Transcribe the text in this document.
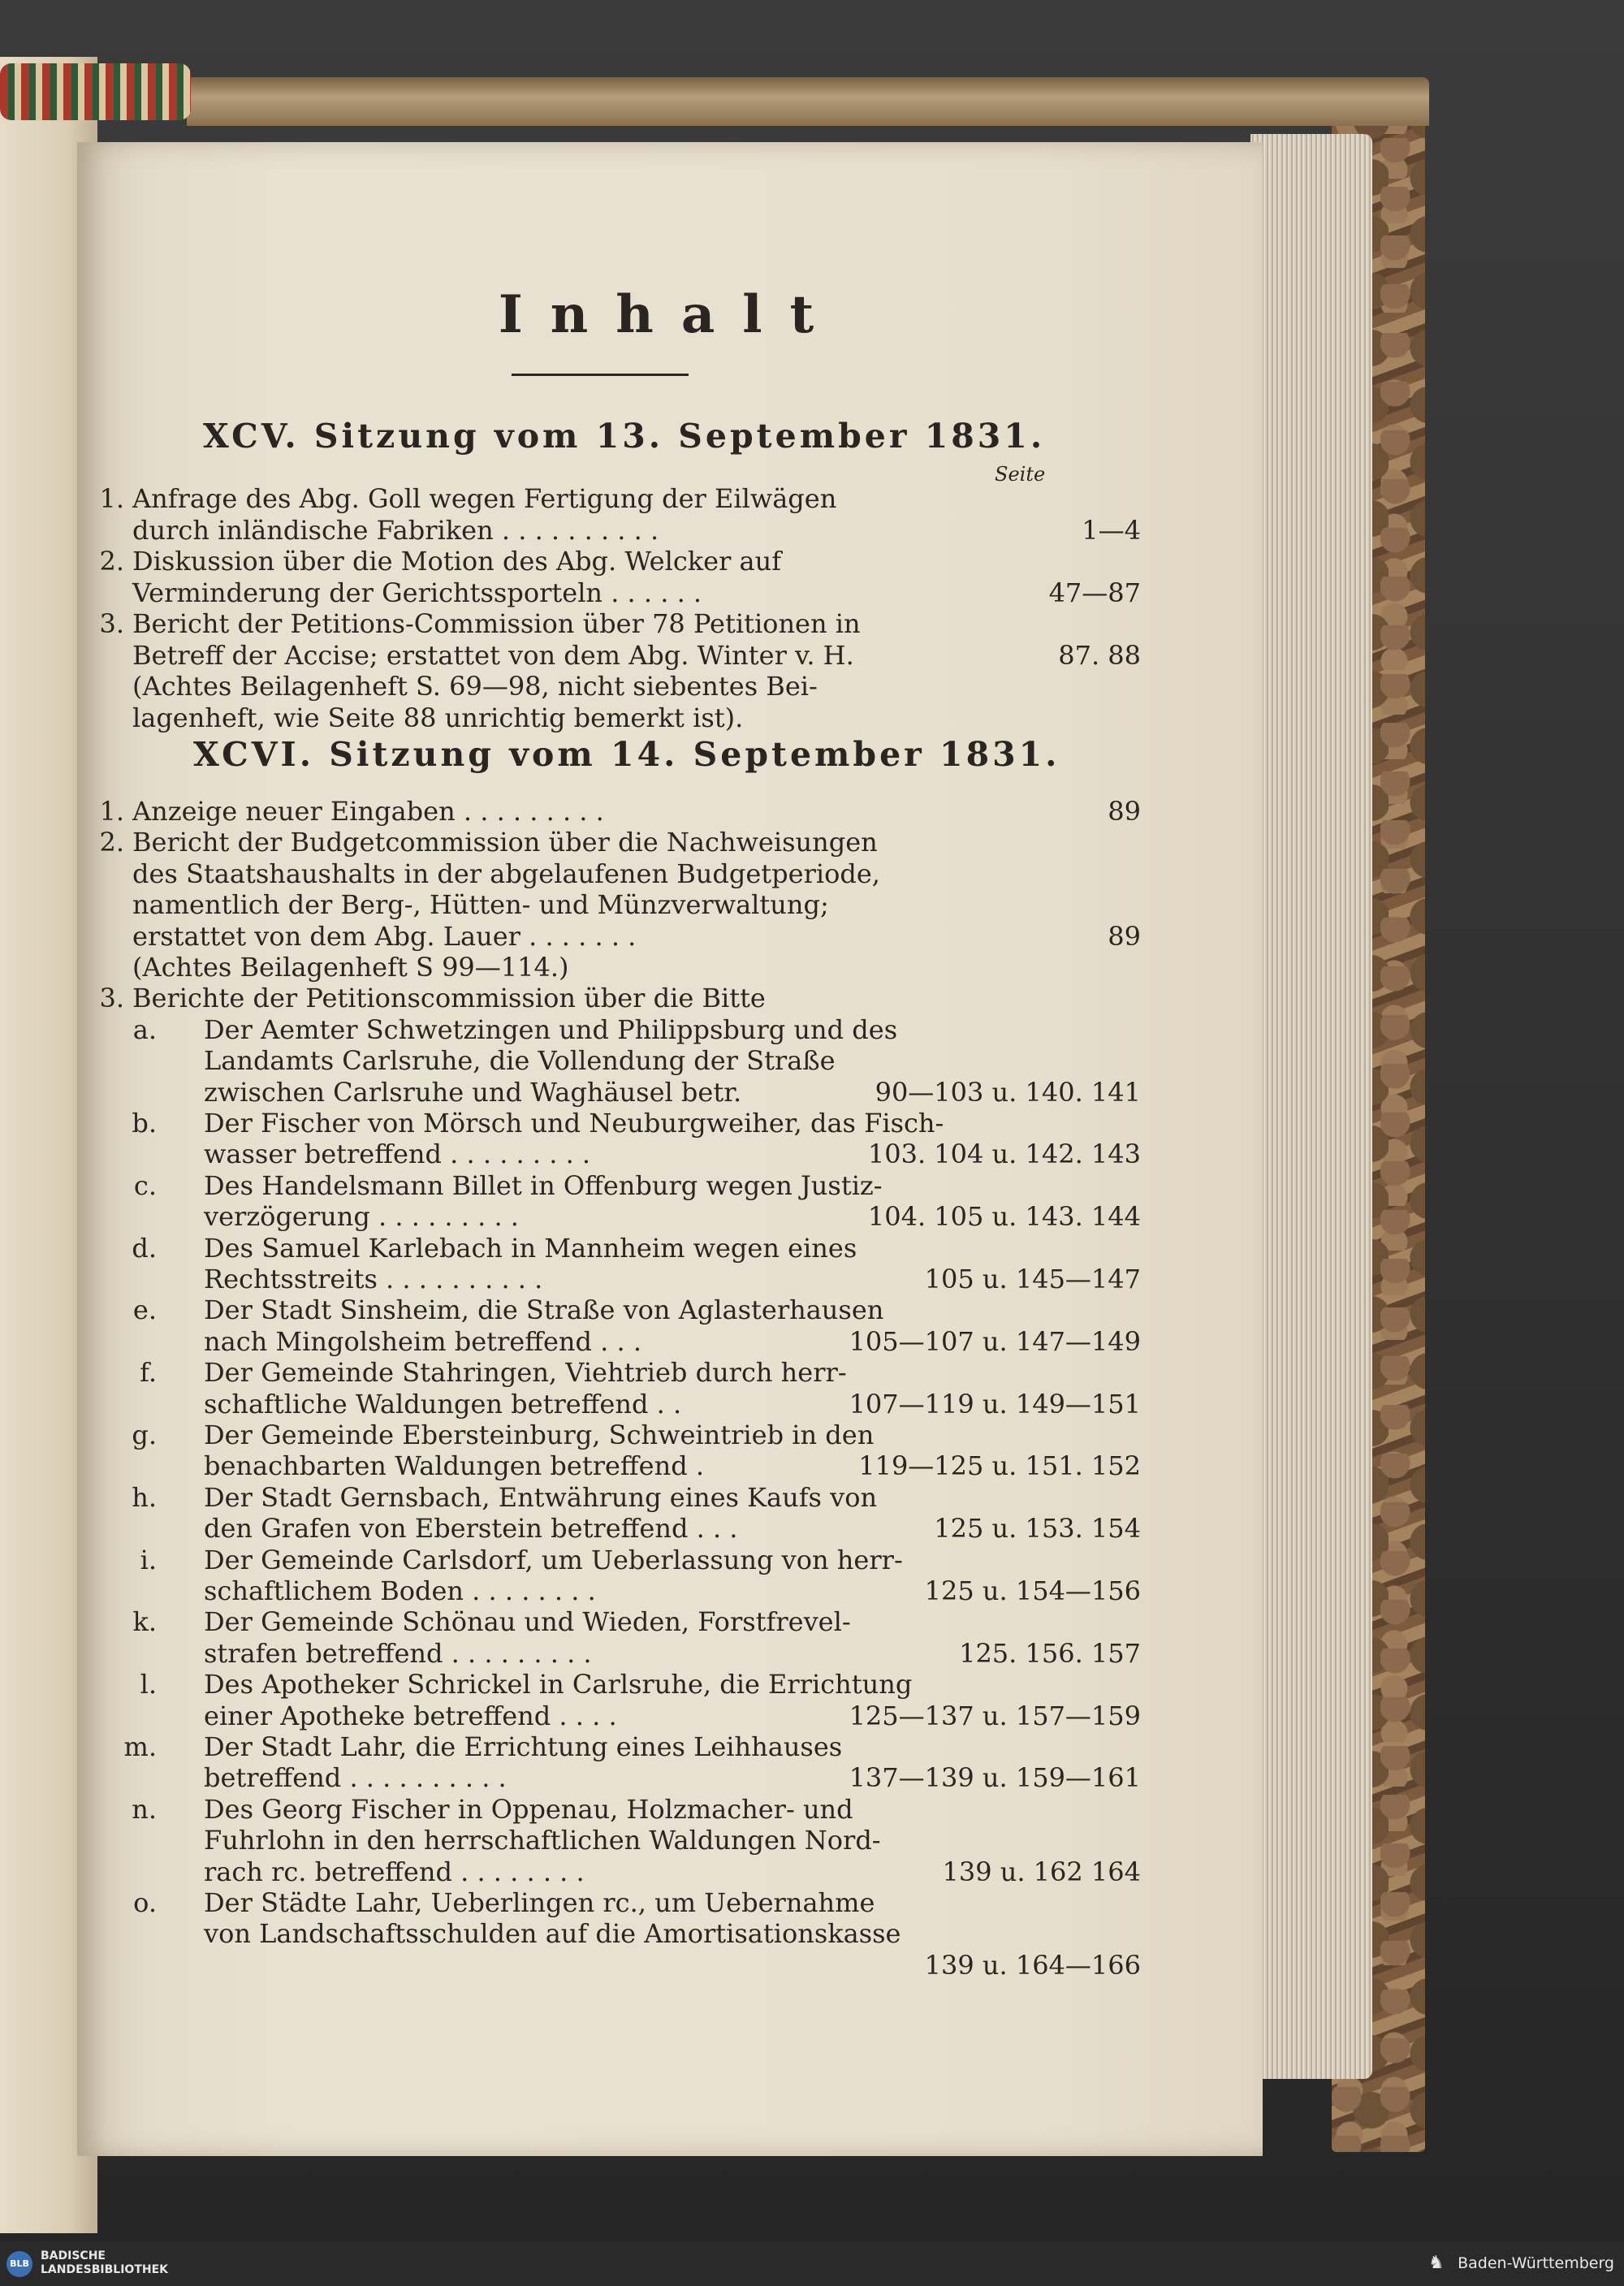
Inhalt
XCV. Sitzung vom 13. September 1831.
Seite
1. Anfrage des Abg. Goll wegen Fertigung der Eilwägen
durch inländische Fabriken . . . . . . . . . .	1—4
2. Diskussion über die Motion des Abg. Welcker auf
Verminderung der Gerichtssporteln . . . . . .	47—87
3. Bericht der Petitions-Commission über 78 Petitionen in
Betreff der Accise; erstattet von dem Abg. Winter v. H.	87. 88
(Achtes Beilagenheft S. 69—98, nicht siebentes Bei-
lagenheft, wie Seite 88 unrichtig bemerkt ist).
XCVI. Sitzung vom 14. September 1831.
1. Anzeige neuer Eingaben . . . . . . . . .	89
2. Bericht der Budgetcommission über die Nachweisungen
des Staatshaushalts in der abgelaufenen Budgetperiode,
namentlich der Berg-, Hütten- und Münzverwaltung;
erstattet von dem Abg. Lauer . . . . . . .	89
(Achtes Beilagenheft S 99—114.)
3. Berichte der Petitionscommission über die Bitte
a. Der Aemter Schwetzingen und Philippsburg und des
Landamts Carlsruhe, die Vollendung der Straße
zwischen Carlsruhe und Waghäusel betr.	90—103 u. 140. 141
b. Der Fischer von Mörsch und Neuburgweiher, das Fisch-
wasser betreffend . . . . . . . . .	103. 104 u. 142. 143
c. Des Handelsmann Billet in Offenburg wegen Justiz-
verzögerung . . . . . . . . .	104. 105 u. 143. 144
d. Des Samuel Karlebach in Mannheim wegen eines
Rechtsstreits . . . . . . . . . .	105 u. 145—147
e. Der Stadt Sinsheim, die Straße von Aglasterhausen
nach Mingolsheim betreffend . . .	105—107 u. 147—149
f. Der Gemeinde Stahringen, Viehtrieb durch herr-
schaftliche Waldungen betreffend . .	107—119 u. 149—151
g. Der Gemeinde Ebersteinburg, Schweintrieb in den
benachbarten Waldungen betreffend .	119—125 u. 151. 152
h. Der Stadt Gernsbach, Entwährung eines Kaufs von
den Grafen von Eberstein betreffend . . .	125 u. 153. 154
i. Der Gemeinde Carlsdorf, um Ueberlassung von herr-
schaftlichem Boden . . . . . . . .	125 u. 154—156
k. Der Gemeinde Schönau und Wieden, Forstfrevel-
strafen betreffend . . . . . . . . .	125. 156. 157
l. Des Apotheker Schrickel in Carlsruhe, die Errichtung
einer Apotheke betreffend . . . .	125—137 u. 157—159
m. Der Stadt Lahr, die Errichtung eines Leihhauses
betreffend . . . . . . . . . .	137—139 u. 159—161
n. Des Georg Fischer in Oppenau, Holzmacher- und
Fuhrlohn in den herrschaftlichen Waldungen Nord-
rach rc. betreffend . . . . . . . .	139 u. 162 164
o. Der Städte Lahr, Ueberlingen rc., um Uebernahme
von Landschaftsschulden auf die Amortisationskasse
139 u. 164—166
BLB
BADISCHE
LANDESBIBLIOTHEK	♞ Baden-Württemberg
